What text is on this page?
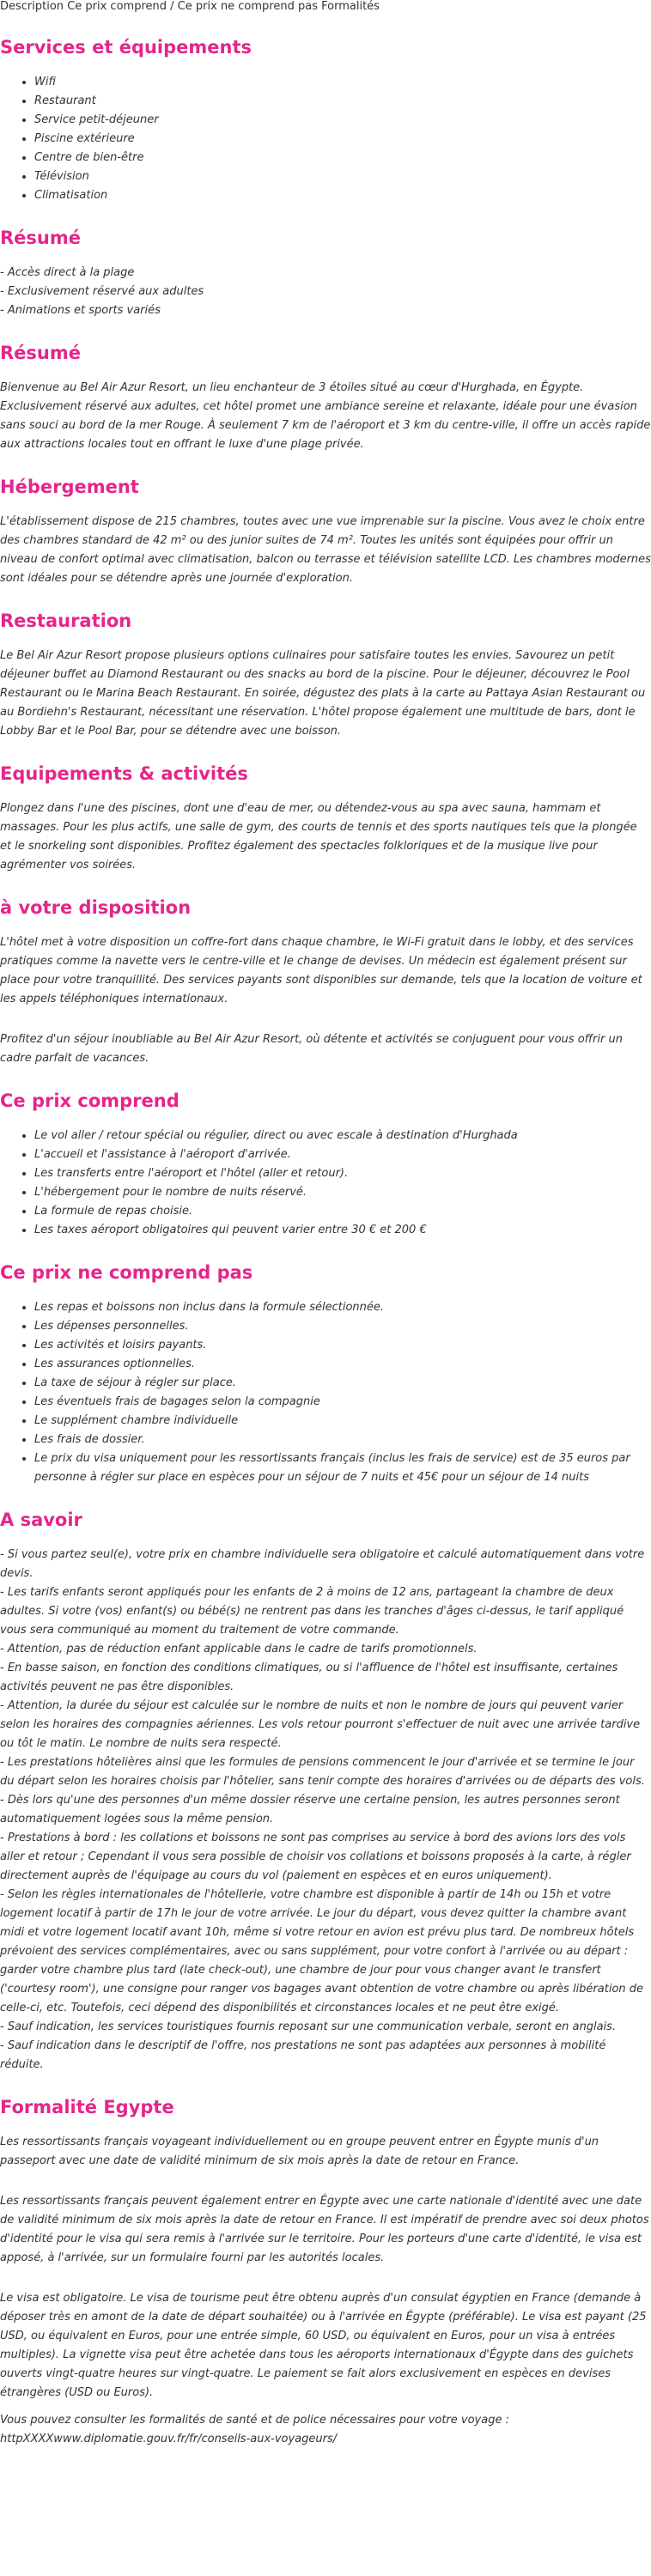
Description Ce prix comprend / Ce prix ne comprend pas Formalités
Services et équipements
• Wifi
• Restaurant
• Service petit-déjeuner
• Piscine extérieure
• Centre de bien-être
• Télévision
• Climatisation
Résumé
- Accès direct à la plage
- Exclusivement réservé aux adultes
- Animations et sports variés
Résumé

Bienvenue au Bel Air Azur Resort, un lieu enchanteur de 3 étoiles situé au cœur d'Hurghada, en Égypte. Exclusivement réservé aux adultes, cet hôtel promet une ambiance sereine et relaxante, idéale pour une évasion sans souci au bord de la mer Rouge. À seulement 7 km de l'aéroport et 3 km du centre-ville, il offre un accès rapide aux attractions locales tout en offrant le luxe d'une plage privée.

Hébergement

L'établissement dispose de 215 chambres, toutes avec une vue imprenable sur la piscine. Vous avez le choix entre des chambres standard de 42 m² ou des junior suites de 74 m². Toutes les unités sont équipées pour offrir un niveau de confort optimal avec climatisation, balcon ou terrasse et télévision satellite LCD. Les chambres modernes sont idéales pour se détendre après une journée d'exploration.

Restauration

Le Bel Air Azur Resort propose plusieurs options culinaires pour satisfaire toutes les envies. Savourez un petit déjeuner buffet au Diamond Restaurant ou des snacks au bord de la piscine. Pour le déjeuner, découvrez le Pool Restaurant ou le Marina Beach Restaurant. En soirée, dégustez des plats à la carte au Pattaya Asian Restaurant ou au Bordiehn's Restaurant, nécessitant une réservation. L'hôtel propose également une multitude de bars, dont le Lobby Bar et le Pool Bar, pour se détendre avec une boisson.

Equipements & activités

Plongez dans l'une des piscines, dont une d'eau de mer, ou détendez-vous au spa avec sauna, hammam et massages. Pour les plus actifs, une salle de gym, des courts de tennis et des sports nautiques tels que la plongée et le snorkeling sont disponibles. Profitez également des spectacles folkloriques et de la musique live pour agrémenter vos soirées.

à votre disposition

L'hôtel met à votre disposition un coffre-fort dans chaque chambre, le Wi-Fi gratuit dans le lobby, et des services pratiques comme la navette vers le centre-ville et le change de devises. Un médecin est également présent sur place pour votre tranquillité. Des services payants sont disponibles sur demande, tels que la location de voiture et les appels téléphoniques internationaux.

Profitez d'un séjour inoubliable au Bel Air Azur Resort, où détente et activités se conjuguent pour vous offrir un cadre parfait de vacances.

Ce prix comprend
• Le vol aller / retour spécial ou régulier, direct ou avec escale à destination d'Hurghada
• L'accueil et l'assistance à l'aéroport d'arrivée.
• Les transferts entre l'aéroport et l'hôtel (aller et retour).
• L'hébergement pour le nombre de nuits réservé.
• La formule de repas choisie.
• Les taxes aéroport obligatoires qui peuvent varier entre 30 € et 200 €
Ce prix ne comprend pas
• Les repas et boissons non inclus dans la formule sélectionnée.
• Les dépenses personnelles.
• Les activités et loisirs payants.
• Les assurances optionnelles.
• La taxe de séjour à régler sur place.
• Les éventuels frais de bagages selon la compagnie
• Le supplément chambre individuelle
• Les frais de dossier.
• Le prix du visa uniquement pour les ressortissants français (inclus les frais de service) est de 35 euros par personne à régler sur place en espèces pour un séjour de 7 nuits et 45€ pour un séjour de 14 nuits
A savoir
- Si vous partez seul(e), votre prix en chambre individuelle sera obligatoire et calculé automatiquement dans votre devis.
- Les tarifs enfants seront appliqués pour les enfants de 2 à moins de 12 ans, partageant la chambre de deux adultes. Si votre (vos) enfant(s) ou bébé(s) ne rentrent pas dans les tranches d'âges ci-dessus, le tarif appliqué vous sera communiqué au moment du traitement de votre commande.
- Attention, pas de réduction enfant applicable dans le cadre de tarifs promotionnels.
- En basse saison, en fonction des conditions climatiques, ou si l'affluence de l'hôtel est insuffisante, certaines activités peuvent ne pas être disponibles.
- Attention, la durée du séjour est calculée sur le nombre de nuits et non le nombre de jours qui peuvent varier selon les horaires des compagnies aériennes. Les vols retour pourront s'effectuer de nuit avec une arrivée tardive ou tôt le matin. Le nombre de nuits sera respecté.
- Les prestations hôtelières ainsi que les formules de pensions commencent le jour d'arrivée et se termine le jour du départ selon les horaires choisis par l'hôtelier, sans tenir compte des horaires d'arrivées ou de départs des vols.
- Dès lors qu'une des personnes d'un même dossier réserve une certaine pension, les autres personnes seront automatiquement logées sous la même pension.
- Prestations à bord : les collations et boissons ne sont pas comprises au service à bord des avions lors des vols aller et retour ; Cependant il vous sera possible de choisir vos collations et boissons proposés à la carte, à régler directement auprès de l'équipage au cours du vol (paiement en espèces et en euros uniquement).
- Selon les règles internationales de l'hôtellerie, votre chambre est disponible à partir de 14h ou 15h et votre logement locatif à partir de 17h le jour de votre arrivée. Le jour du départ, vous devez quitter la chambre avant midi et votre logement locatif avant 10h, même si votre retour en avion est prévu plus tard. De nombreux hôtels prévoient des services complémentaires, avec ou sans supplément, pour votre confort à l'arrivée ou au départ : garder votre chambre plus tard (late check-out), une chambre de jour pour vous changer avant le transfert ('courtesy room'), une consigne pour ranger vos bagages avant obtention de votre chambre ou après libération de celle-ci, etc. Toutefois, ceci dépend des disponibilités et circonstances locales et ne peut être exigé.
- Sauf indication, les services touristiques fournis reposant sur une communication verbale, seront en anglais.
- Sauf indication dans le descriptif de l'offre, nos prestations ne sont pas adaptées aux personnes à mobilité réduite.
Formalité Egypte

Les ressortissants français voyageant individuellement ou en groupe peuvent entrer en Égypte munis d'un passeport avec une date de validité minimum de six mois après la date de retour en France.

Les ressortissants français peuvent également entrer en Égypte avec une carte nationale d'identité avec une date de validité minimum de six mois après la date de retour en France. Il est impératif de prendre avec soi deux photos d'identité pour le visa qui sera remis à l'arrivée sur le territoire. Pour les porteurs d'une carte d'identité, le visa est apposé, à l'arrivée, sur un formulaire fourni par les autorités locales.

Le visa est obligatoire. Le visa de tourisme peut être obtenu auprès d'un consulat égyptien en France (demande à déposer très en amont de la date de départ souhaitée) ou à l'arrivée en Égypte (préférable). Le visa est payant (25 USD, ou équivalent en Euros, pour une entrée simple, 60 USD, ou équivalent en Euros, pour un visa à entrées multiples). La vignette visa peut être achetée dans tous les aéroports internationaux d'Égypte dans des guichets ouverts vingt-quatre heures sur vingt-quatre. Le paiement se fait alors exclusivement en espèces en devises étrangères (USD ou Euros).

Vous pouvez consulter les formalités de santé et de police nécessaires pour votre voyage : httpXXXXwww.diplomatie.gouv.fr/fr/conseils-aux-voyageurs/
